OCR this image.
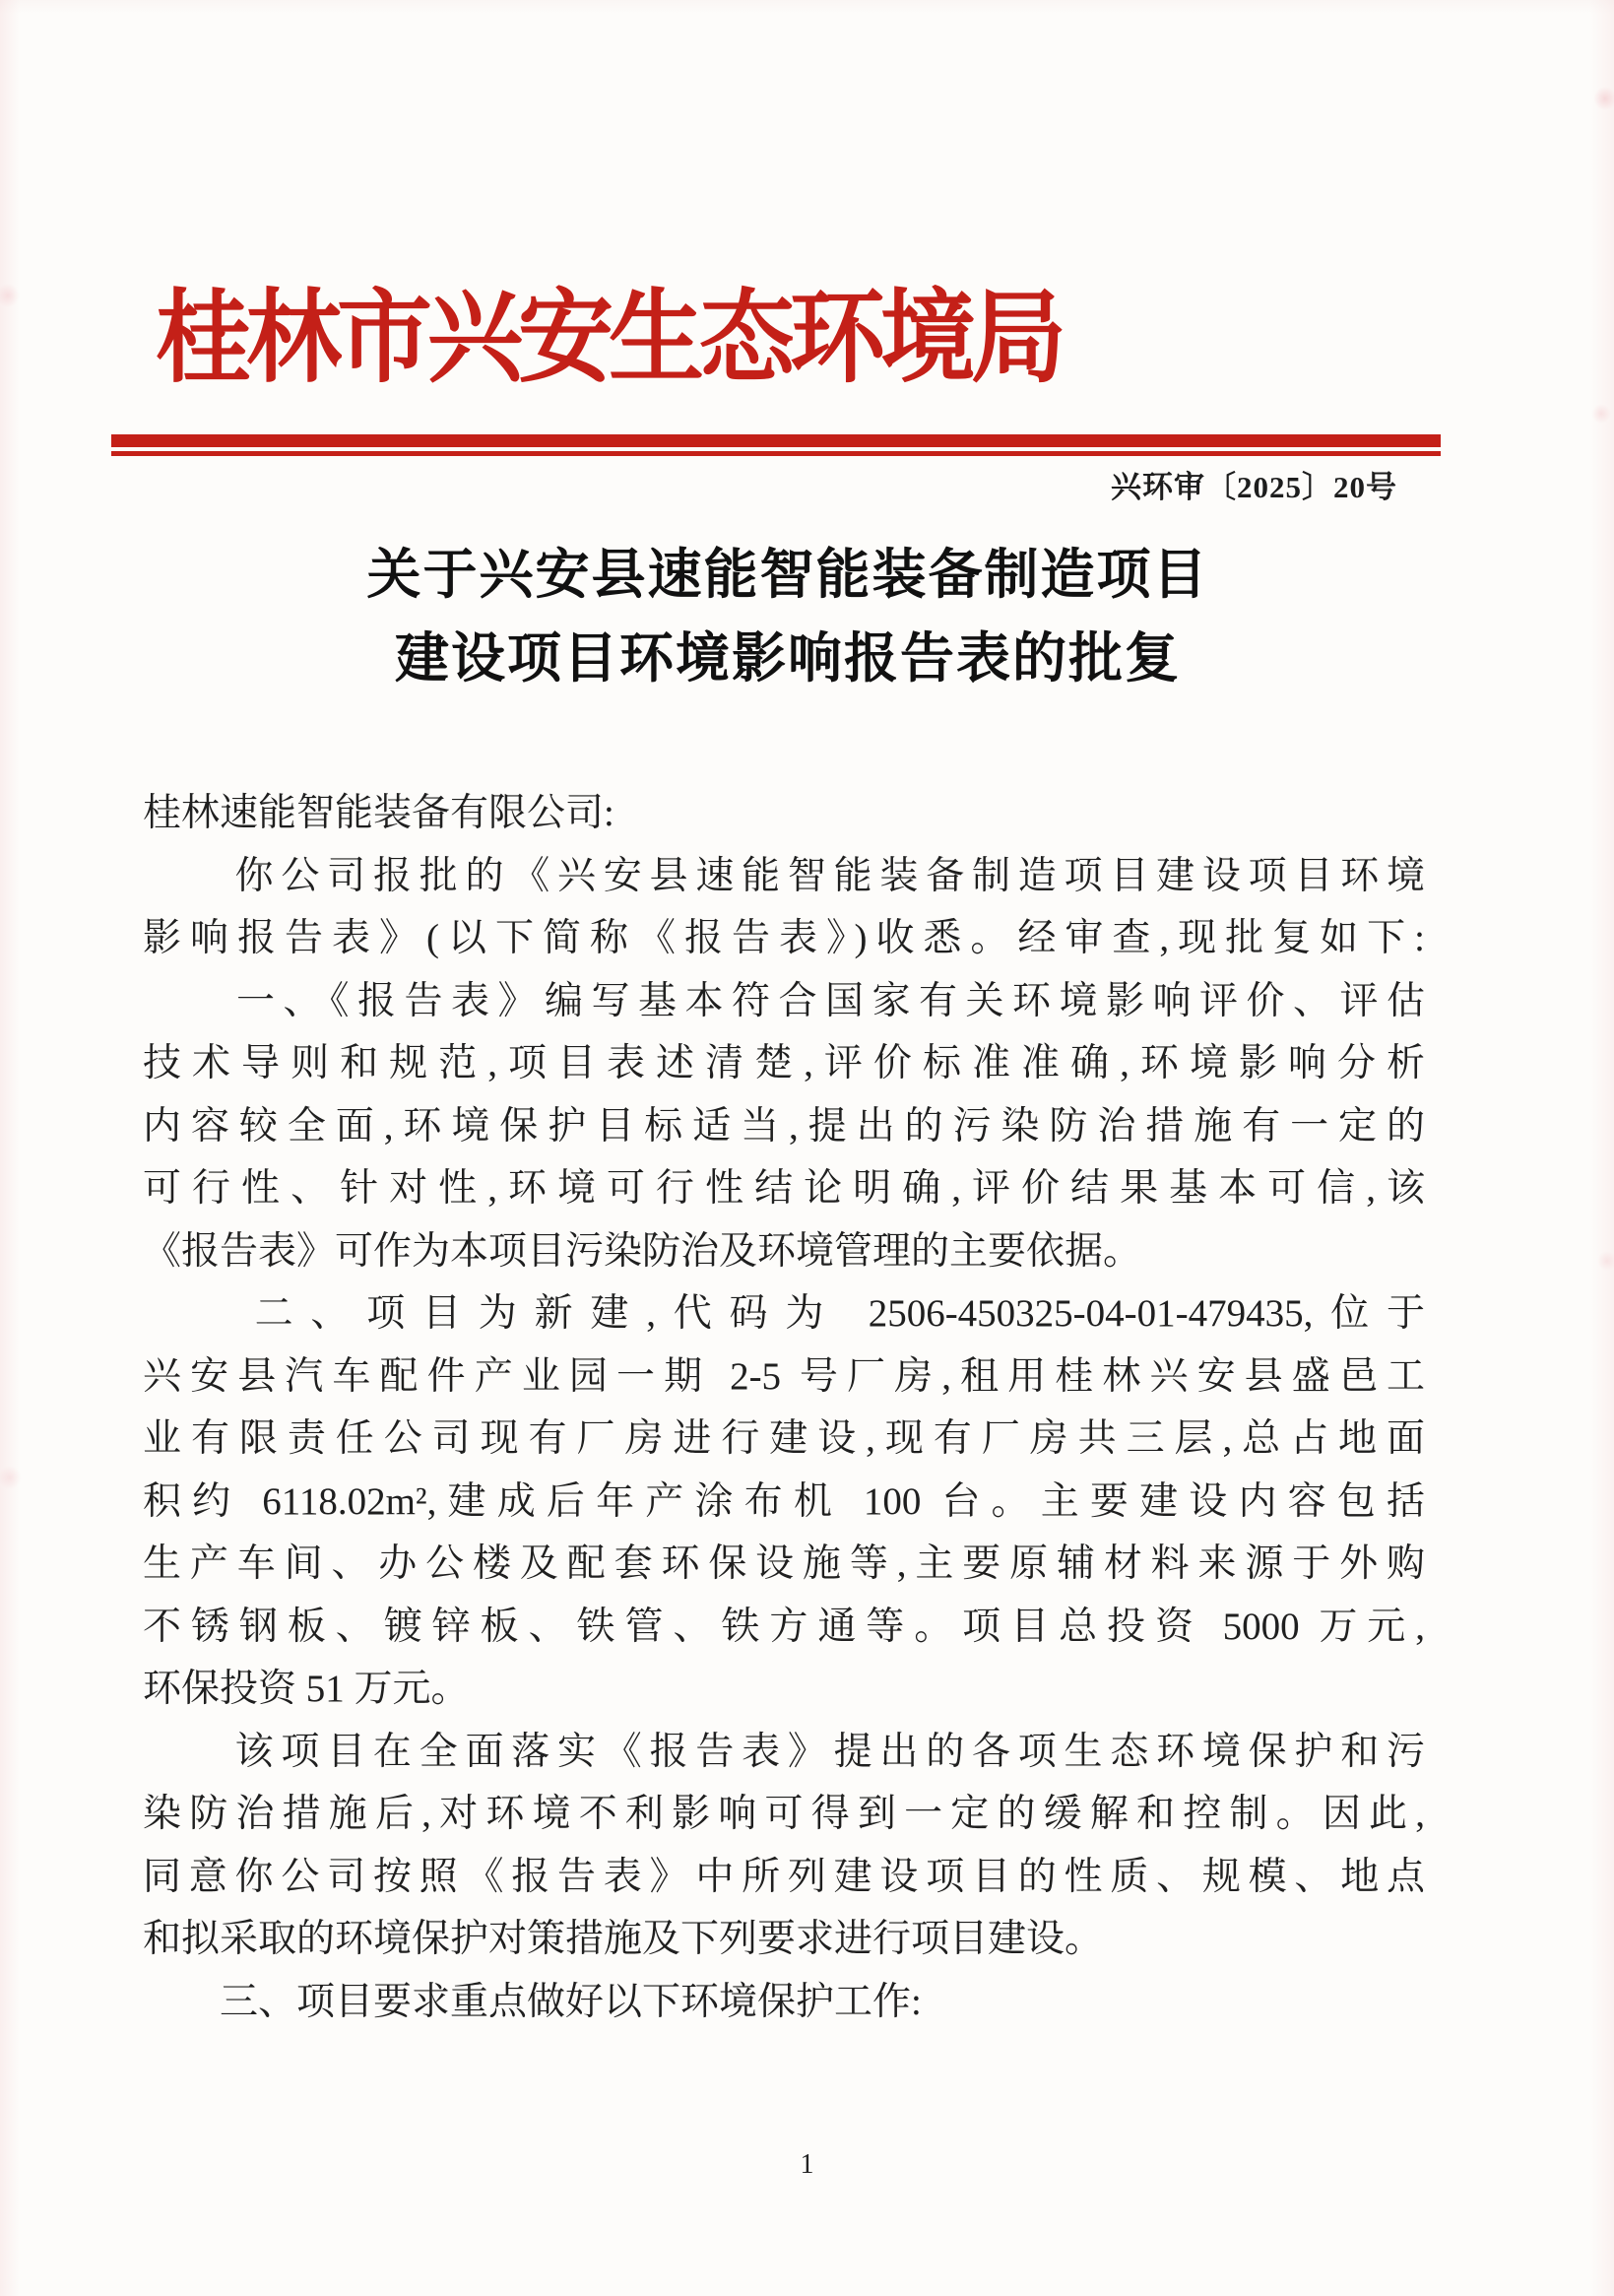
桂林市兴安生态环境局
兴环审〔2025〕20号
关于兴安县速能智能装备制造项目
建设项目环境影响报告表的批复
桂林速能智能装备有限公司:
　　你公司报批的《兴安县速能智能装备制造项目建设项目环境
影响报告表》(以下简称《报告表》)收悉。经审查,现批复如下:
　　一、《报告表》编写基本符合国家有关环境影响评价、评估
技术导则和规范,项目表述清楚,评价标准准确,环境影响分析
内容较全面,环境保护目标适当,提出的污染防治措施有一定的
可行性、针对性,环境可行性结论明确,评价结果基本可信,该
《报告表》可作为本项目污染防治及环境管理的主要依据。
　　二、项目为新建,代码为 2506-450325-04-01-479435,位于
兴安县汽车配件产业园一期 2-5 号厂房,租用桂林兴安县盛邑工
业有限责任公司现有厂房进行建设,现有厂房共三层,总占地面
积约 6118.02m²,建成后年产涂布机 100 台。主要建设内容包括
生产车间、办公楼及配套环保设施等,主要原辅材料来源于外购
不锈钢板、镀锌板、铁管、铁方通等。项目总投资 5000 万元,
环保投资 51 万元。
　　该项目在全面落实《报告表》提出的各项生态环境保护和污
染防治措施后,对环境不利影响可得到一定的缓解和控制。因此,
同意你公司按照《报告表》中所列建设项目的性质、规模、地点
和拟采取的环境保护对策措施及下列要求进行项目建设。
　　三、项目要求重点做好以下环境保护工作:
1
